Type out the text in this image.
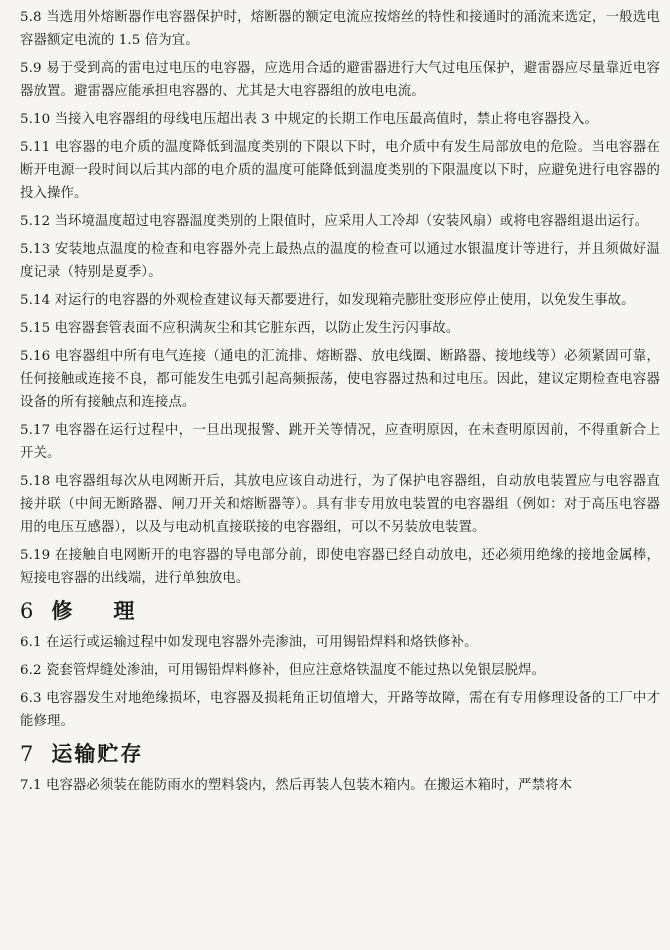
5.8 当选用外熔断器作电容器保护时，熔断器的额定电流应按熔丝的特性和接通时的涌流来选定，一般选电容器额定电流的 1.5 倍为宜。

5.9 易于受到高的雷电过电压的电容器，应选用合适的避雷器进行大气过电压保护，避雷器应尽量靠近电容器放置。避雷器应能承担电容器的、尤其是大电容器组的放电电流。

5.10 当接入电容器组的母线电压超出表 3 中规定的长期工作电压最高值时，禁止将电容器投入。

5.11 电容器的电介质的温度降低到温度类别的下限以下时，电介质中有发生局部放电的危险。当电容器在断开电源一段时间以后其内部的电介质的温度可能降低到温度类别的下限温度以下时，应避免进行电容器的投入操作。

5.12 当环境温度超过电容器温度类别的上限值时，应采用人工冷却（安装风扇）或将电容器组退出运行。

5.13 安装地点温度的检查和电容器外壳上最热点的温度的检查可以通过水银温度计等进行，并且须做好温度记录（特别是夏季）。

5.14 对运行的电容器的外观检查建议每天都要进行，如发现箱壳膨肚变形应停止使用，以免发生事故。

5.15 电容器套管表面不应积满灰尘和其它脏东西，以防止发生污闪事故。

5.16 电容器组中所有电气连接（通电的汇流排、熔断器、放电线圈、断路器、接地线等）必须紧固可靠，任何接触或连接不良，都可能发生电弧引起高频振荡，使电容器过热和过电压。因此，建议定期检查电容器设备的所有接触点和连接点。

5.17 电容器在运行过程中，一旦出现报警、跳开关等情况，应查明原因，在未查明原因前，不得重新合上开关。

5.18 电容器组每次从电网断开后，其放电应该自动进行，为了保护电容器组，自动放电装置应与电容器直接并联（中间无断路器、闸刀开关和熔断器等）。具有非专用放电装置的电容器组（例如：对于高压电容器用的电压互感器），以及与电动机直接联接的电容器组，可以不另装放电装置。

5.19 在接触自电网断开的电容器的导电部分前，即使电容器已经自动放电，还必须用绝缘的接地金属棒，短接电容器的出线端，进行单独放电。

6 修　理

6.1 在运行或运输过程中如发现电容器外壳渗油，可用锡铅焊料和烙铁修补。

6.2 瓷套管焊缝处渗油，可用锡铅焊料修补，但应注意烙铁温度不能过热以免银层脱焊。

6.3 电容器发生对地绝缘损坏，电容器及损耗角正切值增大，开路等故障，需在有专用修理设备的工厂中才能修理。

7 运输贮存

7.1 电容器必须装在能防雨水的塑料袋内，然后再装人包装木箱内。在搬运木箱时，严禁将木
